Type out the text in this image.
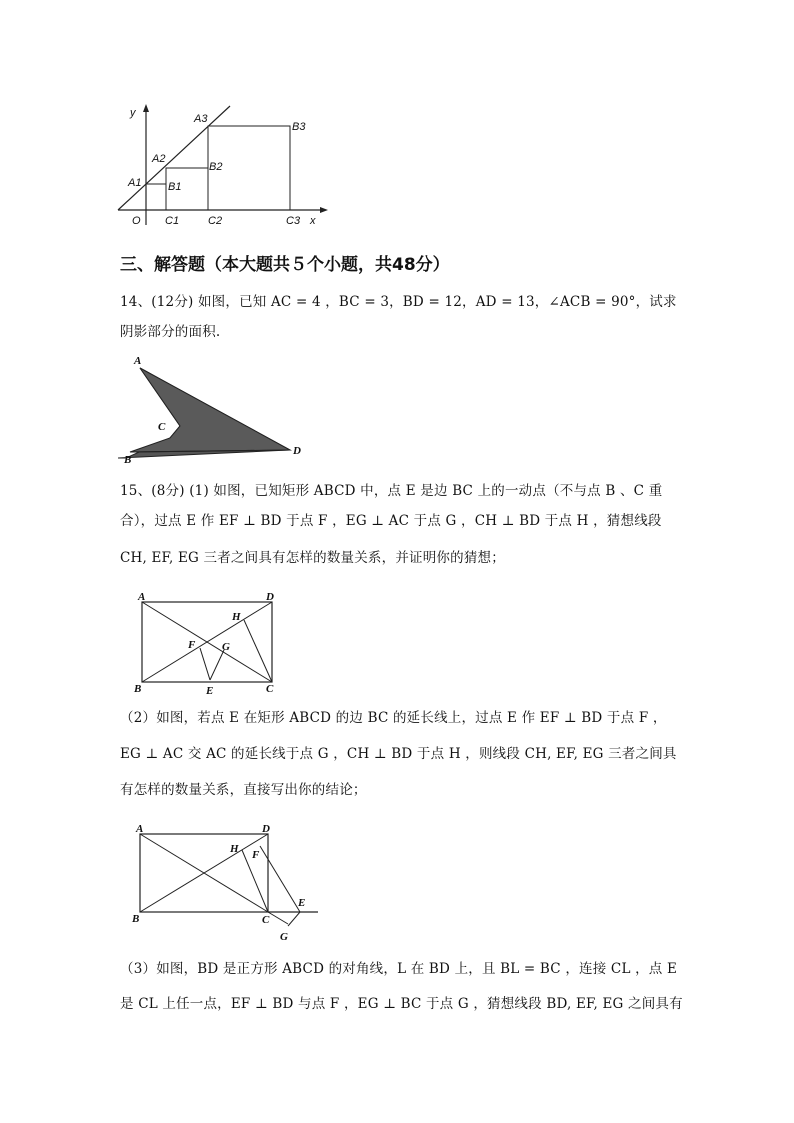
y
x
O
A1
A2
A3
B1
B2
B3
C1	C2	C3
三、解答题（本大题共５个小题，共48分）
14、(12分) 如图，已知 AC = 4 ，BC = 3，BD = 12，AD = 13，∠ACB = 90°，试求
阴影部分的面积.
A
B
C
D
15、(8分) (1) 如图，已知矩形 ABCD 中，点 E 是边 BC 上的一动点（不与点 B 、C 重
合），过点 E 作 EF ⊥ BD 于点 F ，EG ⊥ AC 于点 G ，CH ⊥ BD 于点 H ，猜想线段
CH, EF, EG 三者之间具有怎样的数量关系，并证明你的猜想；
A
B	C
D
E
F G
H
（2）如图，若点 E 在矩形 ABCD 的边 BC 的延长线上，过点 E 作 EF ⊥ BD 于点 F ，
EG ⊥ AC 交 AC 的延长线于点 G ，CH ⊥ BD 于点 H ，则线段 CH, EF, EG 三者之间具
有怎样的数量关系，直接写出你的结论；
A
B	C
D
E
F
G
H
（3）如图，BD 是正方形 ABCD 的对角线，L 在 BD 上，且 BL = BC ，连接 CL ，点 E
是 CL 上任一点，EF ⊥ BD 与点 F ，EG ⊥ BC 于点 G ，猜想线段 BD, EF, EG 之间具有
